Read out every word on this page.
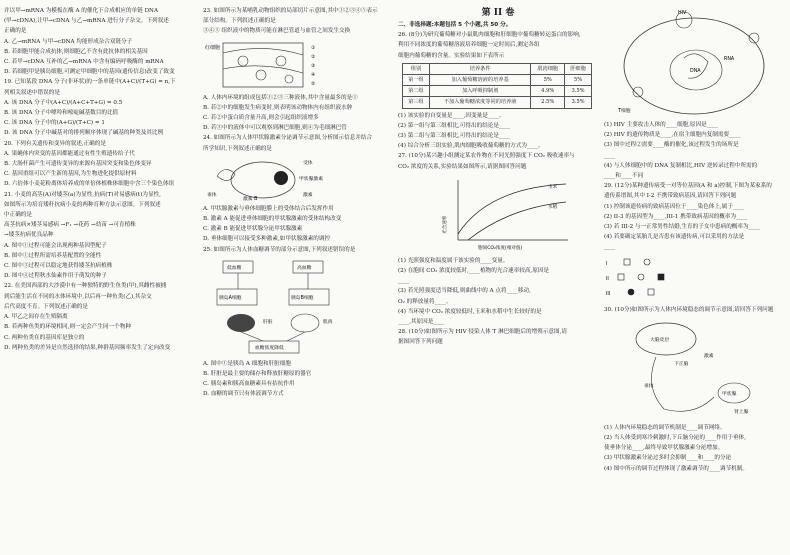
并以甲→mRNA 为模板在酶 A 的催化下合成相应的单链 DNA

(甲→cDNA),让甲→cDNA 与乙→mRNA 进行分子杂交。下列叙述

正确的是

A. 乙→mRNA 与甲→cDNA 均能形成杂合双链分子

B. 若细胞甲能合成抗体,则细胞乙不含有此抗体的相关基因

C. 若甲→cDNA 互补的乙→mRNA 中含有编码呼吸酶的 mRNA

D. 若细胞甲是胰岛细胞,可测定甲细胞中的基因(遗传信息)改变了致变

19. 已知某段 DNA 分子(非环状)的一条单链中(A+C)/(T+G) = n,下

列相关叙述中错误的是

A. 该 DNA 分子中(A+C)/(A+C+T+G) = 0.5

B. 该 DNA 分子中嘌呤和嘧啶碱基数目的比值

C. 该 DNA 分子中的(A+G)/(T+C) = 1

D. 该 DNA 分子中碱基对的排列顺序体现了碱基的种类及其比例

20. 下列有关遗传和变异的叙述,正确的是

A. 果蝇体内突变的基因都能通过有性生殖遗传给子代

B. 大肠杆菌产生可遗传变异的来源有基因突变和染色体变异

C. 基因重组可以产生新的基因,为生物进化提供原材料

D. 六倍体小麦花粉离体培养成的单倍体植株体细胞中含三个染色体组

21. 小麦的高茎(A)对矮茎(a)为显性,抗病(T)对易感病(t)为显性,

如图所示为培育矮秆抗病小麦的两种育种方法示意图。下列叙述

中正确的是

高茎抗病×矮茎易感病 →F₁ →花药 →幼苗 →可育植株

→矮茎抗病优良品种

A. 图中①过程可能会出现两种基因型配子

B. 图中①过程所需培养基配置的全能性

C. 图中③过程可以稳定地获得矮茎抗病植株

D. 图中④过程秋水仙素作用于萌发的种子

22. 在美国西部的大沙漠中有一种独特的野生鱼类(甲),其雌性被捕

到后能生活在不同的水体环境中,以后再一种鱼类(乙),其杂交

后代高度不育。下列叙述正确的是

A. 甲乙之间存在生殖隔离

B. 若两种鱼类的环境相同,则一定会产生同一个物种

C. 两种鱼类在的基因库是独立的

D. 两种鱼类的差异是自然选择的结果,种群基因频率发生了定向改变

23. 如图所示为某哺乳动物组织的局部切片示意图,其中①②③④⑤表示

部分结构。下列叙述正确的是

③④⑤ 组织液中的物质可能在淋巴管道与血管之间发生交换

红细胞	①
②
③
④
⑤

A. 人体内环境的组成包括①②③三种液体,其中含量最多的是①

B. 若②中的细胞发生病变时,则表明该动物体内有组织液水肿

C. 若②中蛋白质含量升高,则会引起组织液增多

D. 若③中的液体中可以观察到淋巴细胞,则④为毛细淋巴管

24. 如图所示为人体甲状腺激素分泌调节示意图,分析图示信息并结合

所学知识,下列叙述正确的是

受体
垂体	激素
甲状腺激素
激素 B

A. 甲状腺激素与垂体细胞膜上的受体结合后发挥作用

B. 激素 A 能促进垂体细胞的甲状腺激素的受体结构改变

C. 激素 B 能促进甲状腺分泌甲状腺激素

D. 垂体细胞可以接受多种激素,如甲状腺激素的调控

25. 如图所示为人体血糖调节的部分示意图,下列叙述错误的是

低血糖	高血糖
胰岛A细胞	胰岛B细胞
肝脏	肌肉
血糖浓度降低

A. 图中①是胰岛 A 细胞和肝脏细胞

B. 肝脏是最主要的储存和释放肝糖原的器官

C. 胰岛素和胰高血糖素具有拮抗作用

D. 血糖的调节只有体液调节方式

第 II 卷

二、非选择题:本题包括 5 个小题,共 50 分。

26. (8分)为研究葡萄糖对小鼠肌肉细胞和肝细胞中葡萄糖转运蛋白的影响,

利用不同浓度的葡萄糖溶液培养细胞一定时间后,测定各组

细胞内葡萄糖的含量。实验结果如下表所示

组别	培养条件	肌肉细胞	肝细胞
第一组	加入葡萄糖溶液的培养基	5%	5%
第二组	加入呼吸抑制剂	4.9%	3.5%
第三组	不加入葡萄糖浓度等同的培养液	2.5%	3.5%

(1) 该实验的自变量是____,因变量是____。

(2) 第一组与第三组相比,可得出的结论是____

(3) 第二组与第三组相比,可得出的结论是____

(4) 综合分析三组实验,肌肉细胞吸收葡萄糖的方式为____。

27. (10分)某兴趣小组测定某农作物在不同光照强度下 CO₂ 吸收速率与

CO₂ 浓度的关系,实验结果如图所示,请据图回答问题

光合速率
胞间CO₂浓度(相对值)
玉米
水稻

(1) 光照强度和温度属于该实验的____变量。

(2) 在胞间 CO₂ 浓度较低时,____植物的光合速率较高,原因是

____

(3) 若光照强度适当降低,则曲线中的 A 点将____移动,

O₂ 的释放量将____。

(4) 当环境中 CO₂ 浓度较低时,玉米和水稻中生长较好的是

____,其原因是____

28. (10分)如图所示为 HIV 侵染人体 T 淋巴细胞后的增殖示意图,请

据图回答下列问题

HIV
DNA
RNA
T细胞

(1) HIV 主要攻击人体的____细胞,原因是____

(2) HIV 的遗传物质是____,在宿主细胞内复制需要____

(3) 图中过程②需要____酶的催化,该过程发生的场所是

____

(4) 与人体细胞中的 DNA 复制相比,HIV 逆转录过程中所需的

____和____不同

29. (12分)某种遗传病受一对等位基因(A 和 a)控制,下图为某家系的

遗传系谱图,其中 I-2 不携带致病基因,请回答下列问题

(1) 控制该遗传病的致病基因位于____染色体上,属于____

(2) II-3 的基因型为____,III-1 携带致病基因的概率为____

(3) 若 III-2 与一正常男性结婚,生育的子女中患病的概率为____

(4) 若要确定某胎儿是否患有该遗传病,可以采用的方法是

____

I
II
III

30. (10分)如图所示为人体内环境稳态的调节示意图,请回答下列问题

大脑皮层
下丘脑
垂体
甲状腺
肾上腺
激素

(1) 人体内环境稳态的调节机制是____调节网络。

(2) 当人体受到寒冷刺激时,下丘脑分泌的____作用于垂体,

使垂体分泌____,最终导致甲状腺激素分泌增加。

(3) 甲状腺激素分泌过多时会抑制____和____的分泌

(4) 图中所示的调节过程体现了激素调节的____调节机制。
